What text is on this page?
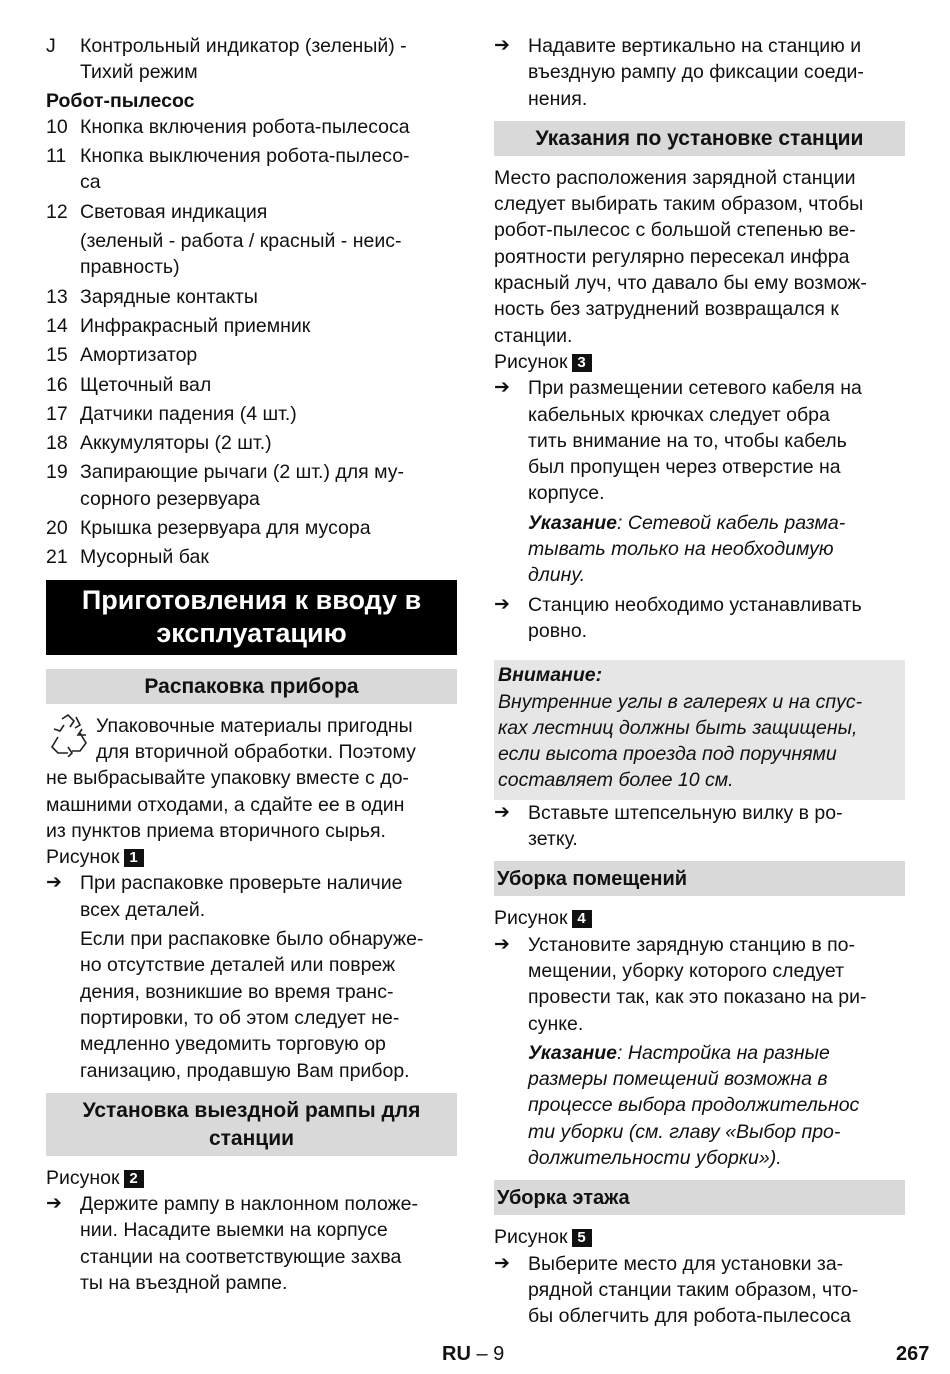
J	Контрольный индикатор (зеленый) -
Тихий режим
Робот-пылесос
10 Кнопка включения робота-пылесоса
11 Кнопка выключения робота-пылесо-
са
12 Световая индикация
(зеленый - работа / красный - неис-
правность)
13 Зарядные контакты
14 Инфракрасный приемник
15 Амортизатор
16 Щеточный вал
17 Датчики падения (4 шт.)
18 Аккумуляторы (2 шт.)
19 Запирающие рычаги (2 шт.) для му-
сорного резервуара
20 Крышка резервуара для мусора
21 Мусорный бак
Приготовления к вводу в
эксплуатацию
Распаковка прибора
Упаковочные материалы пригодны
для вторичной обработки. Поэтому
не выбрасывайте упаковку вместе с до-
машними отходами, а сдайте ее в один
из пунктов приема вторичного сырья.
Рисунок 1
➔ При распаковке проверьте наличие
всех деталей.
Если при распаковке было обнаруже-
но отсутствие деталей или повреж
дения, возникшие во время транс-
портировки, то об этом следует не-
медленно уведомить торговую ор
ганизацию, продавшую Вам прибор.
Установка выездной рампы для
станции
Рисунок 2
➔ Держите рампу в наклонном положе-
нии. Насадите выемки на корпусе
станции на соответствующие захва
ты на въездной рампе.
➔ Надавите вертикально на станцию и
въездную рампу до фиксации соеди-
нения.
Указания по установке станции
Место расположения зарядной станции
следует выбирать таким образом, чтобы
робот-пылесос с большой степенью ве-
роятности регулярно пересекал инфра
красный луч, что давало бы ему возмож-
ность без затруднений возвращался к
станции.
Рисунок 3
➔ При размещении сетевого кабеля на
кабельных крючках следует обра
тить внимание на то, чтобы кабель
был пропущен через отверстие на
корпусе.
Указание: Сетевой кабель разма-
тывать только на необходимую
длину.
➔ Станцию необходимо устанавливать
ровно.
Внимание:
Внутренние углы в галереях и на спус-
ках лестниц должны быть защищены,
если высота проезда под поручнями
составляет более 10 см.
➔ Вставьте штепсельную вилку в ро-
зетку.
Уборка помещений
Рисунок 4
➔ Установите зарядную станцию в по-
мещении, уборку которого следует
провести так, как это показано на ри-
сунке.
Указание: Настройка на разные
размеры помещений возможна в
процессе выбора продолжительнос
ти уборки (см. главу «Выбор про-
должительности уборки»).
Уборка этажа
Рисунок 5
➔ Выберите место для установки за-
рядной станции таким образом, что-
бы облегчить для робота-пылесоса
RU – 9	267
